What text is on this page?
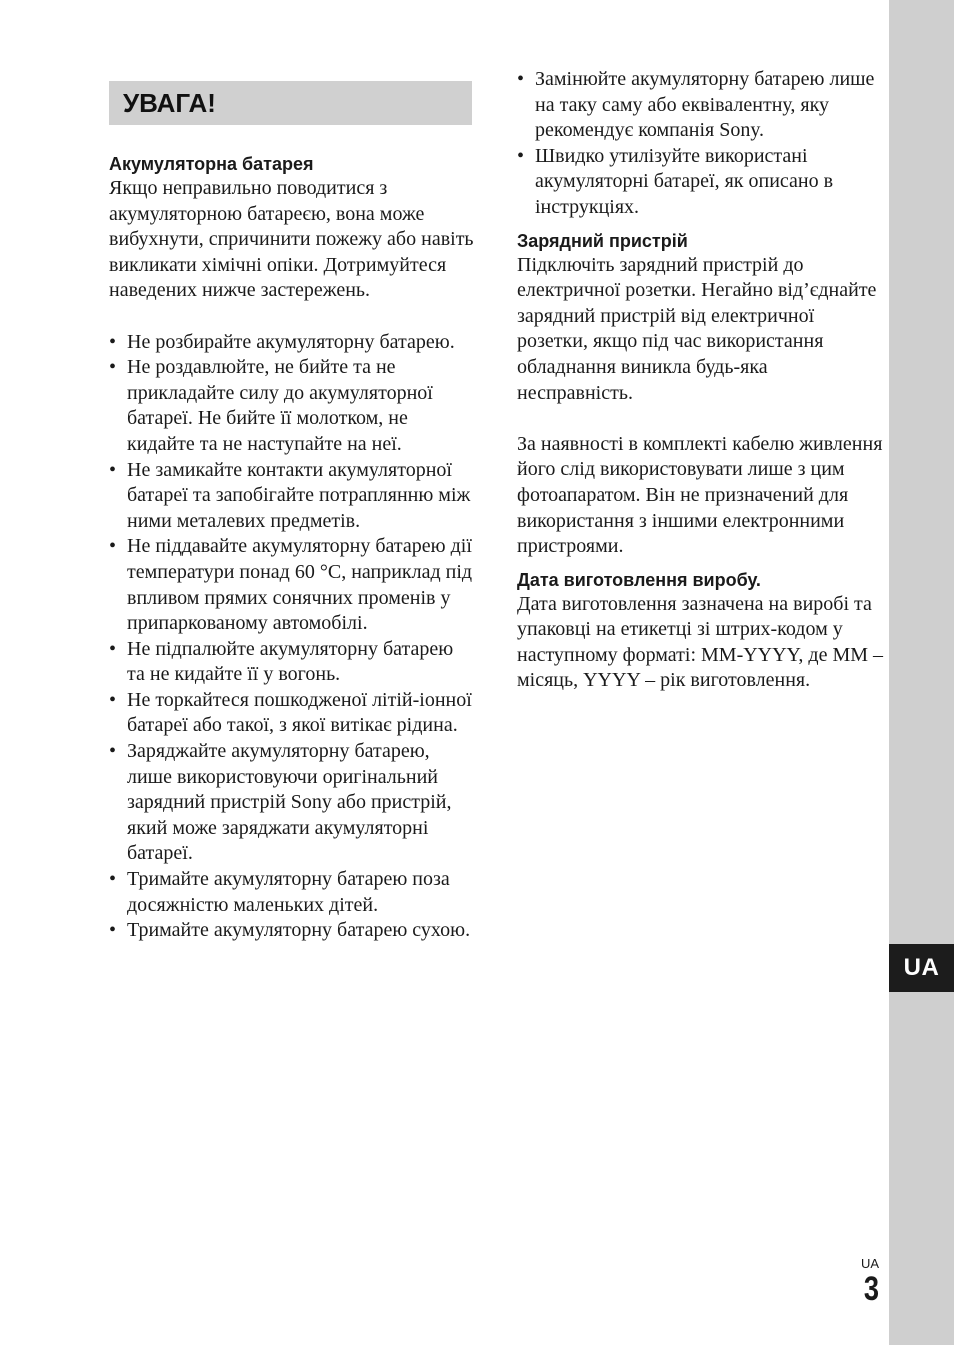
UA
УВАГА!
Акумуляторна батарея

Якщо неправильно поводитися з акумуляторною батареєю, вона може вибухнути, спричинити пожежу або навіть викликати хімічні опіки. Дотримуйтеся наведених нижче застережень.

• Не розбирайте акумуляторну батарею.
• Не роздавлюйте, не бийте та не прикладайте силу до акумуляторної батареї. Не бийте її молотком, не кидайте та не наступайте на неї.
• Не замикайте контакти акумуляторної батареї та запобігайте потраплянню між ними металевих предметів.
• Не піддавайте акумуляторну батарею дії температури понад 60 °C, наприклад під впливом прямих сонячних променів у припаркованому автомобілі.
• Не підпалюйте акумуляторну батарею та не кидайте її у вогонь.
• Не торкайтеся пошкодженої літій-іонної батареї або такої, з якої витікає рідина.
• Заряджайте акумуляторну батарею, лише використовуючи оригінальний зарядний пристрій Sony або пристрій, який може заряджати акумуляторні батареї.
• Тримайте акумуляторну батарею поза досяжністю маленьких дітей.
• Тримайте акумуляторну батарею сухою.
• Замінюйте акумуляторну батарею лише на таку саму або еквівалентну, яку рекомендує компанія Sony.
• Швидко утилізуйте використані акумуляторні батареї, як описано в інструкціях.
Зарядний пристрій

Підключіть зарядний пристрій до електричної розетки. Негайно від’єднайте зарядний пристрій від електричної розетки, якщо під час використання обладнання виникла будь-яка несправність.

За наявності в комплекті кабелю живлення його слід використовувати лише з цим фотоапаратом. Він не призначений для використання з іншими електронними пристроями.

Дата виготовлення виробу.

Дата виготовлення зазначена на виробі та упаковці на етикетці зі штрих-кодом у наступному форматі: MM-YYYY, де MM – місяць, YYYY – рік виготовлення.

UA
3
